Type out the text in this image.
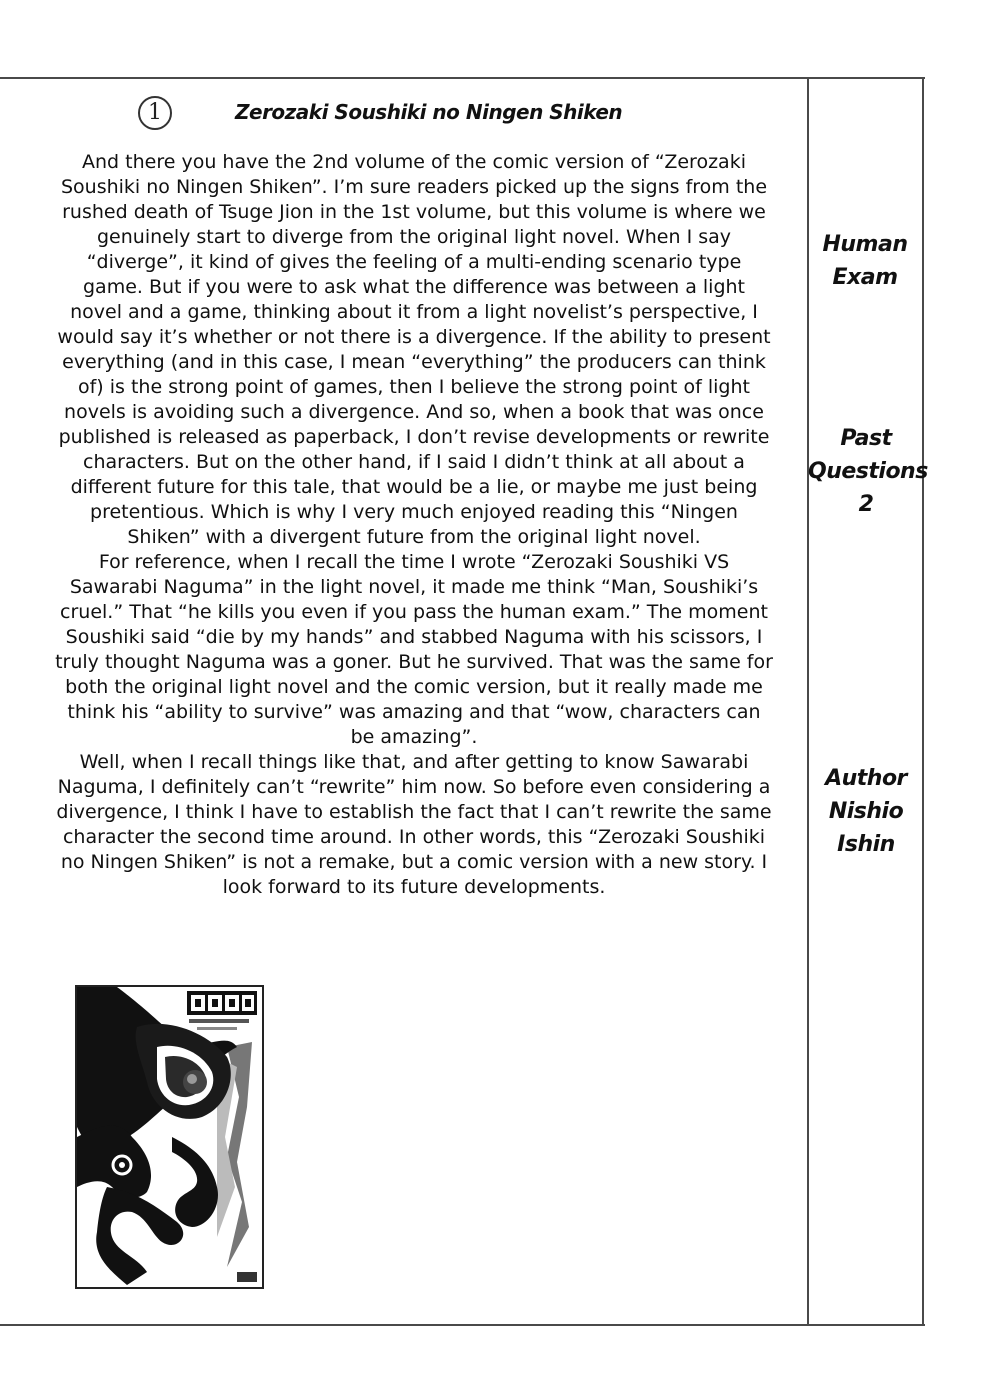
1	Zerozaki Soushiki no Ningen Shiken

And there you have the 2nd volume of the comic version of “Zerozaki Soushiki no Ningen Shiken”. I’m sure readers picked up the signs from the rushed death of Tsuge Jion in the 1st volume, but this volume is where we genuinely start to diverge from the original light novel. When I say “diverge”, it kind of gives the feeling of a multi-ending scenario type game. But if you were to ask what the difference was between a light novel and a game, thinking about it from a light novelist’s perspective, I would say it’s whether or not there is a divergence. If the ability to present everything (and in this case, I mean “everything” the producers can think of) is the strong point of games, then I believe the strong point of light novels is avoiding such a divergence. And so, when a book that was once published is released as paperback, I don’t revise developments or rewrite characters. But on the other hand, if I said I didn’t think at all about a different future for this tale, that would be a lie, or maybe me just being pretentious. Which is why I very much enjoyed reading this “Ningen Shiken” with a divergent future from the original light novel.

For reference, when I recall the time I wrote “Zerozaki Soushiki VS Sawarabi Naguma” in the light novel, it made me think “Man, Soushiki’s cruel.” That “he kills you even if you pass the human exam.” The moment Soushiki said “die by my hands” and stabbed Naguma with his scissors, I truly thought Naguma was a goner. But he survived. That was the same for both the original light novel and the comic version, but it really made me think his “ability to survive” was amazing and that “wow, characters can be amazing”.

Well, when I recall things like that, and after getting to know Sawarabi Naguma, I definitely can’t “rewrite” him now. So before even considering a divergence, I think I have to establish the fact that I can’t rewrite the same character the second time around. In other words, this “Zerozaki Soushiki no Ningen Shiken” is not a remake, but a comic version with a new story. I look forward to its future developments.

Human
Exam
Past
Questions
2
Author
Nishio
Ishin
